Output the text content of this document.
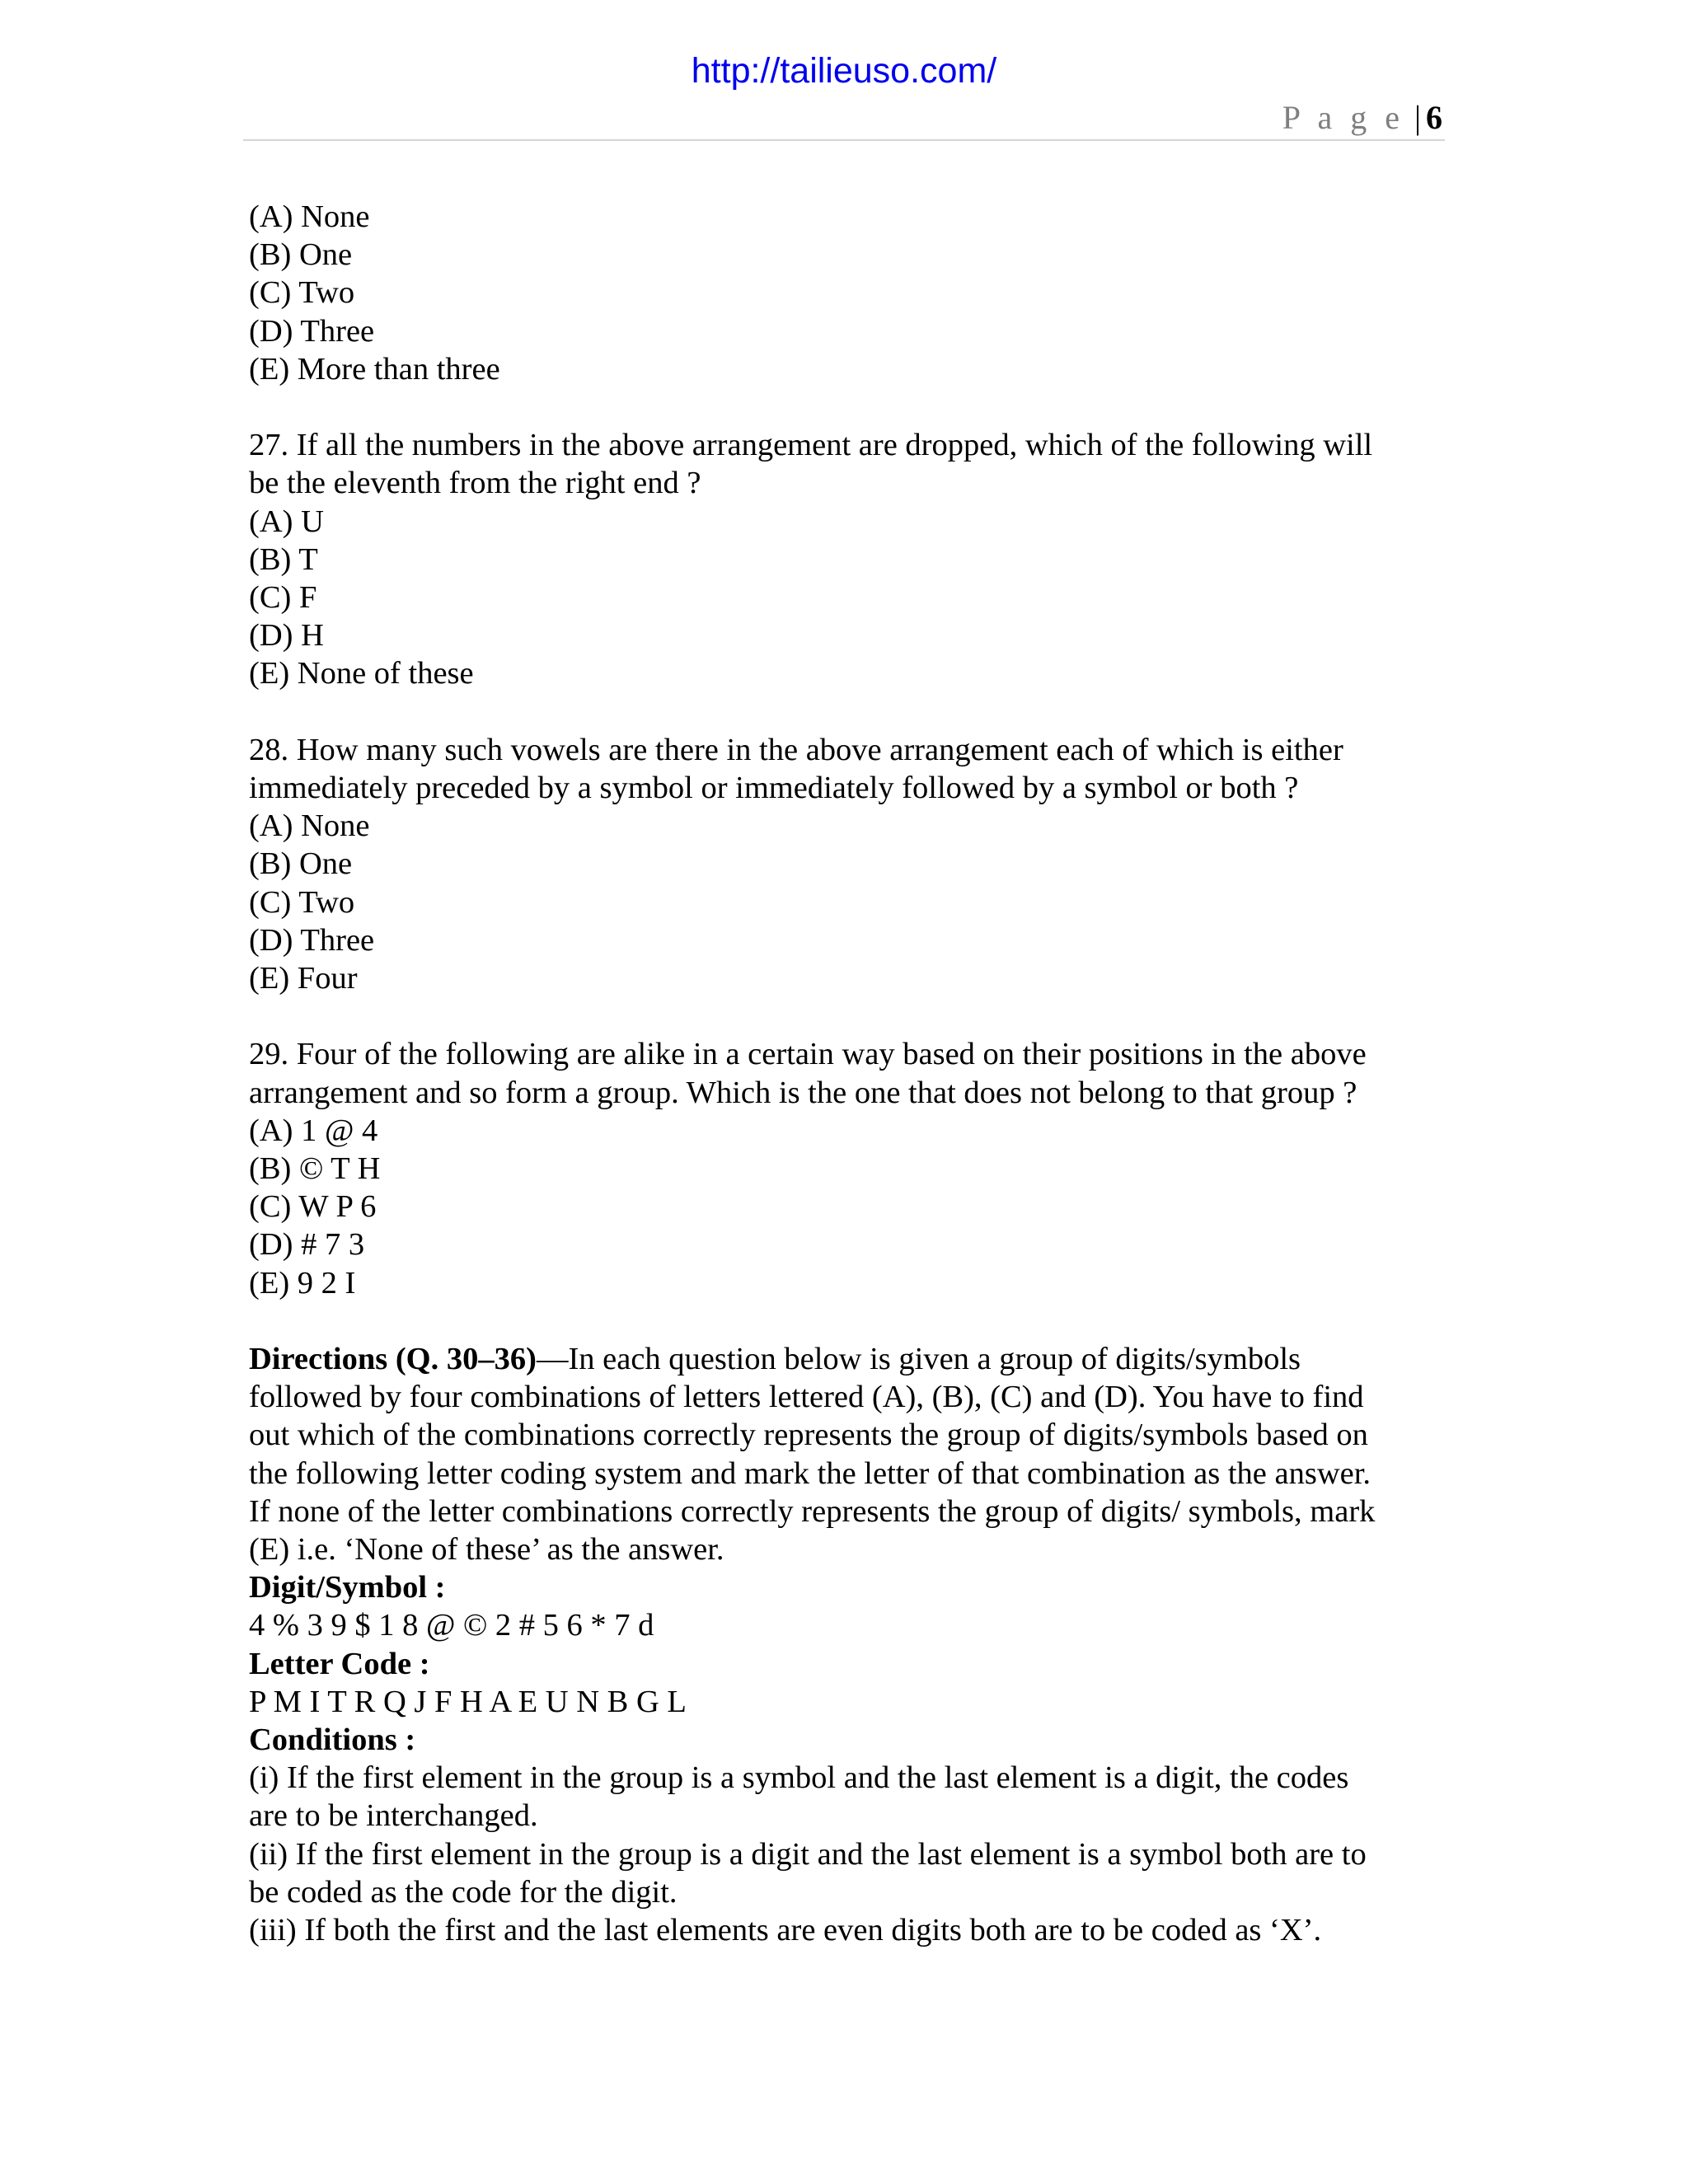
http://tailieuso.com/
P a g e | 6
(A) None
(B) One
(C) Two
(D) Three
(E) More than three
27. If all the numbers in the above arrangement are dropped, which of the following will
be the eleventh from the right end ?
(A) U
(B) T
(C) F
(D) H
(E) None of these
28. How many such vowels are there in the above arrangement each of which is either
immediately preceded by a symbol or immediately followed by a symbol or both ?
(A) None
(B) One
(C) Two
(D) Three
(E) Four
29. Four of the following are alike in a certain way based on their positions in the above
arrangement and so form a group. Which is the one that does not belong to that group ?
(A) 1 @ 4
(B) © T H
(C) W P 6
(D) # 7 3
(E) 9 2 I
Directions (Q. 30–36)—In each question below is given a group of digits/symbols
followed by four combinations of letters lettered (A), (B), (C) and (D). You have to find
out which of the combinations correctly represents the group of digits/symbols based on
the following letter coding system and mark the letter of that combination as the answer.
If none of the letter combinations correctly represents the group of digits/ symbols, mark
(E) i.e. ‘None of these’ as the answer.
Digit/Symbol :
4 % 3 9 $ 1 8 @ © 2 # 5 6 * 7 d
Letter Code :
P M I T R Q J F H A E U N B G L
Conditions :
(i) If the first element in the group is a symbol and the last element is a digit, the codes
are to be interchanged.
(ii) If the first element in the group is a digit and the last element is a symbol both are to
be coded as the code for the digit.
(iii) If both the first and the last elements are even digits both are to be coded as ‘X’.
